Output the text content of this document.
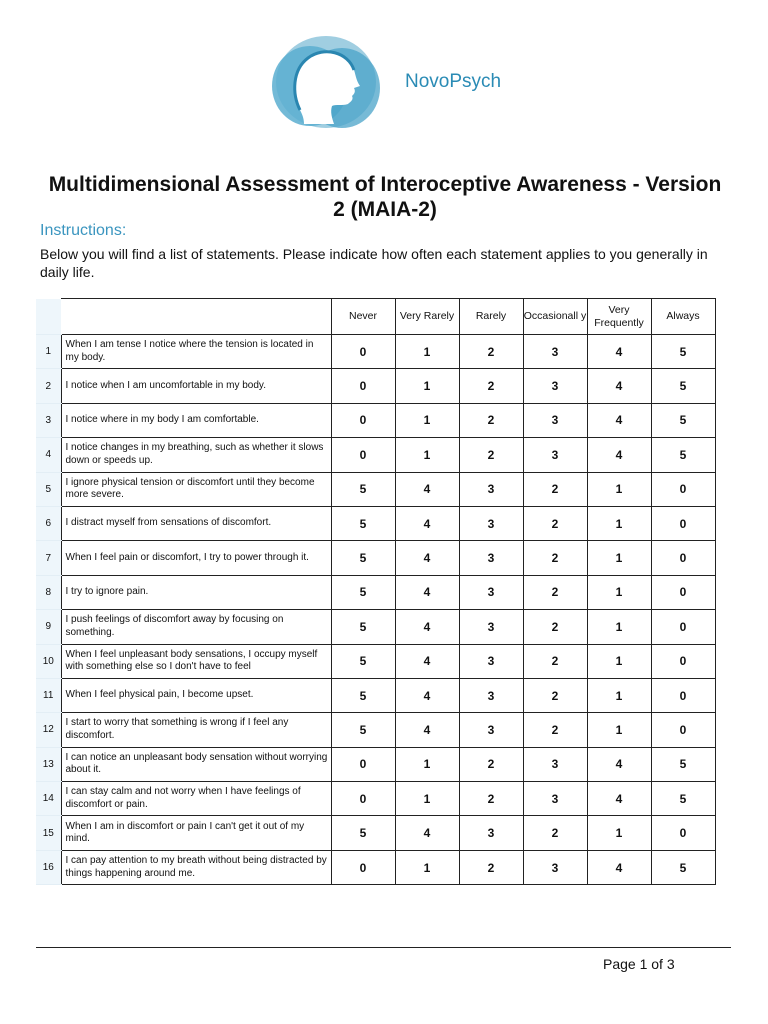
NovoPsych
Multidimensional Assessment of Interoceptive Awareness - Version 2 (MAIA-2)
Instructions:
Below you will find a list of statements. Please indicate how often each statement applies to you generally in daily life.
		Never	Very Rarely	Rarely	Occasionall y	Very Frequently	Always
1	When I am tense I notice where the tension is located in my body.	0	1	2	3	4	5
2	I notice when I am uncomfortable in my body.	0	1	2	3	4	5
3	I notice where in my body I am comfortable.	0	1	2	3	4	5
4	I notice changes in my breathing, such as whether it slows down or speeds up.	0	1	2	3	4	5
5	I ignore physical tension or discomfort until they become more severe.	5	4	3	2	1	0
6	I distract myself from sensations of discomfort.	5	4	3	2	1	0
7	When I feel pain or discomfort, I try to power through it.	5	4	3	2	1	0
8	I try to ignore pain.	5	4	3	2	1	0
9	I push feelings of discomfort away by focusing on something.	5	4	3	2	1	0
10	When I feel unpleasant body sensations, I occupy myself with something else so I don't have to feel	5	4	3	2	1	0
11	When I feel physical pain, I become upset.	5	4	3	2	1	0
12	I start to worry that something is wrong if I feel any discomfort.	5	4	3	2	1	0
13	I can notice an unpleasant body sensation without worrying about it.	0	1	2	3	4	5
14	I can stay calm and not worry when I have feelings of discomfort or pain.	0	1	2	3	4	5
15	When I am in discomfort or pain I can't get it out of my mind.	5	4	3	2	1	0
16	I can pay attention to my breath without being distracted by things happening around me.	0	1	2	3	4	5
Page 1 of 3
